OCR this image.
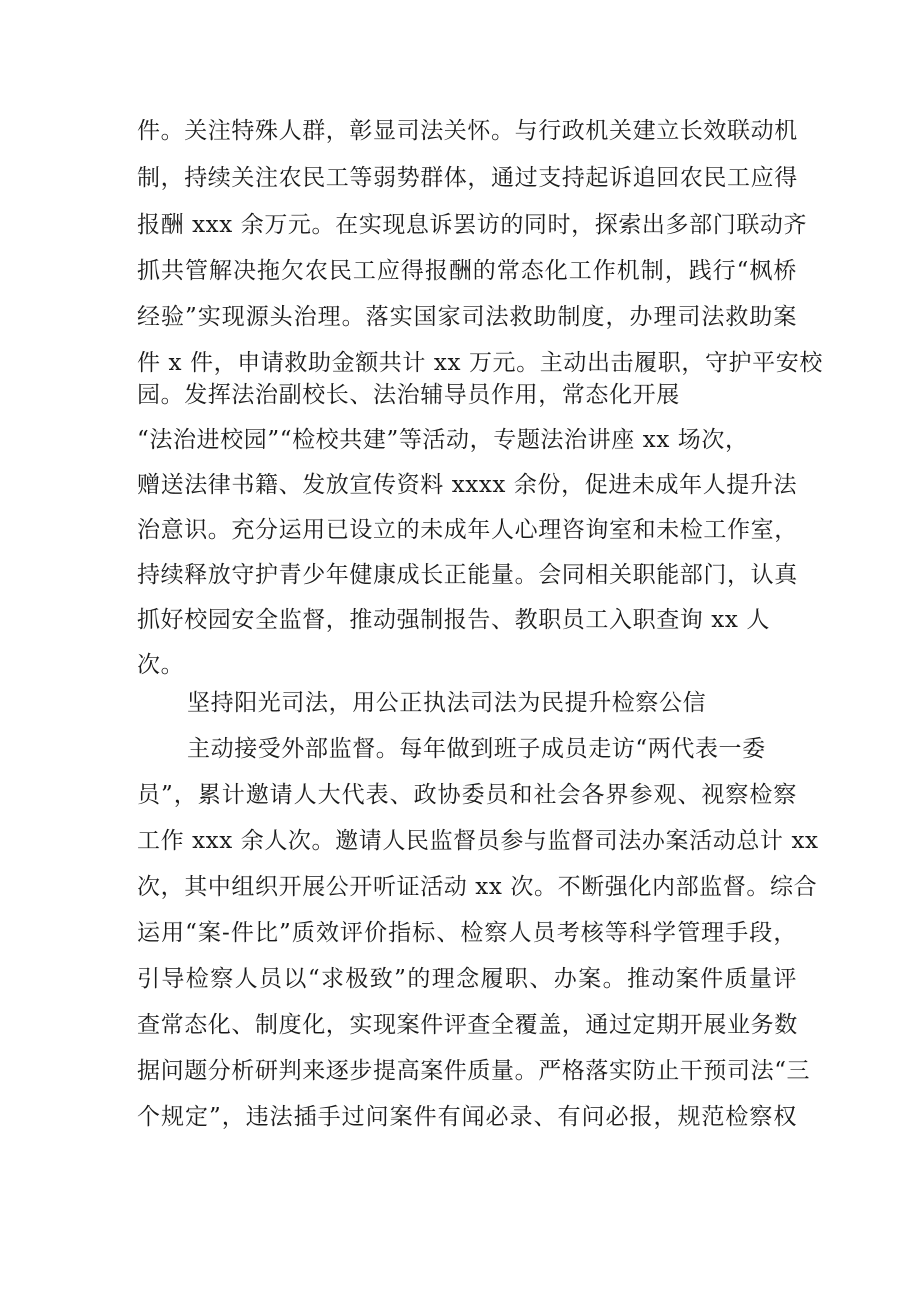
件。关注特殊人群，彰显司法关怀。与行政机关建立长效联动机
制，持续关注农民工等弱势群体，通过支持起诉追回农民工应得
报酬 xxx 余万元。在实现息诉罢访的同时，探索出多部门联动齐
抓共管解决拖欠农民工应得报酬的常态化工作机制，践行“枫桥
经验”实现源头治理。落实国家司法救助制度，办理司法救助案
件 x 件，申请救助金额共计 xx 万元。主动出击履职，守护平安校
园。发挥法治副校长、法治辅导员作用，常态化开展
“法治进校园”“检校共建”等活动，专题法治讲座 xx 场次，
赠送法律书籍、发放宣传资料 xxxx 余份，促进未成年人提升法
治意识。充分运用已设立的未成年人心理咨询室和未检工作室，
持续释放守护青少年健康成长正能量。会同相关职能部门，认真
抓好校园安全监督，推动强制报告、教职员工入职查询 xx 人
次。
坚持阳光司法，用公正执法司法为民提升检察公信
主动接受外部监督。每年做到班子成员走访“两代表一委
员”，累计邀请人大代表、政协委员和社会各界参观、视察检察
工作 xxx 余人次。邀请人民监督员参与监督司法办案活动总计 xx
次，其中组织开展公开听证活动 xx 次。不断强化内部监督。综合
运用“案-件比”质效评价指标、检察人员考核等科学管理手段，
引导检察人员以“求极致”的理念履职、办案。推动案件质量评
查常态化、制度化，实现案件评查全覆盖，通过定期开展业务数
据问题分析研判来逐步提高案件质量。严格落实防止干预司法“三
个规定”，违法插手过问案件有闻必录、有问必报，规范检察权
